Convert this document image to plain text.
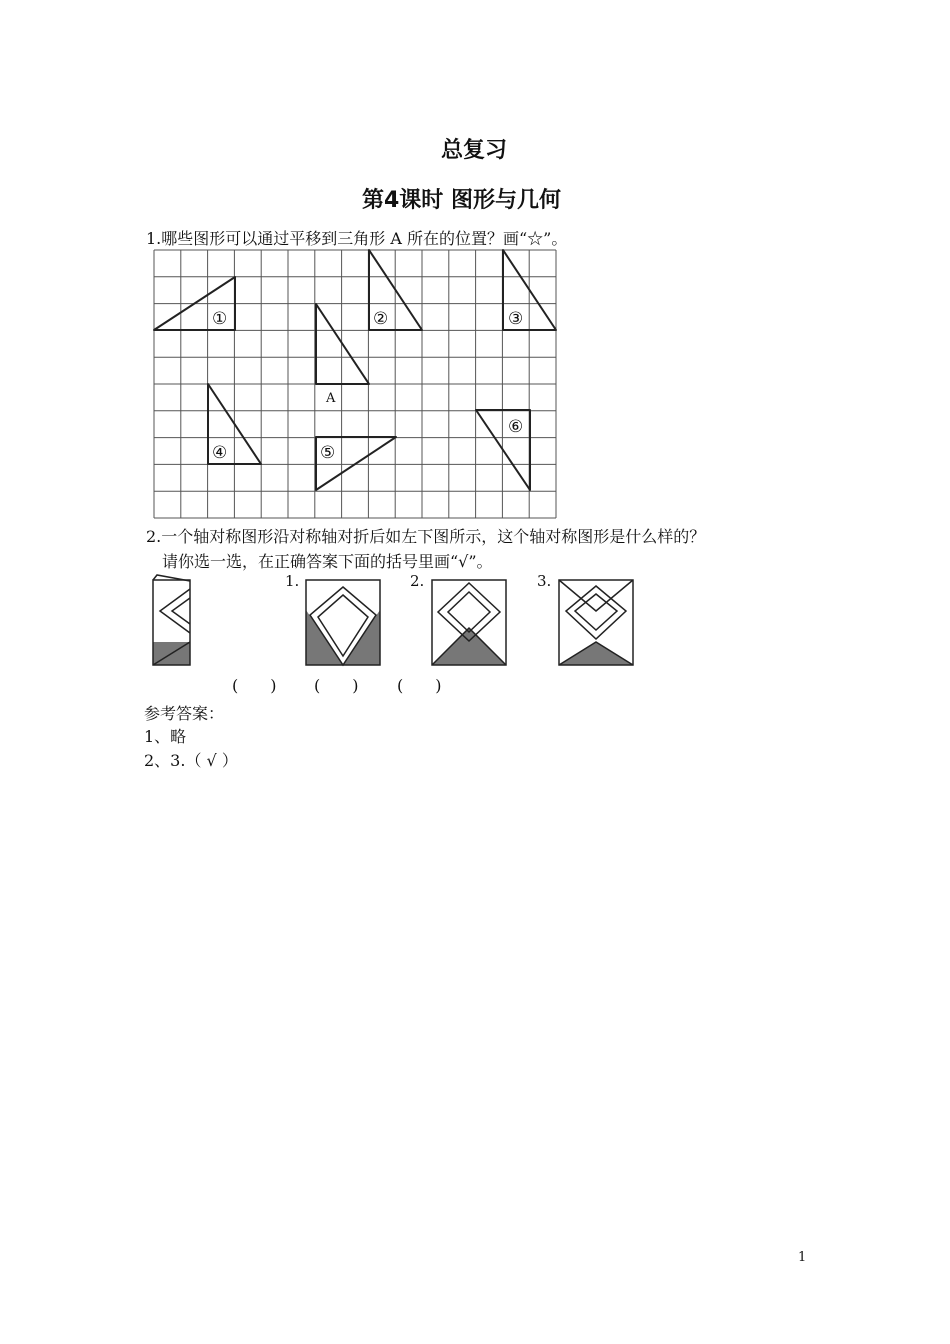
总复习
第4课时 图形与几何
1.哪些图形可以通过平移到三角形 A 所在的位置？画“☆”。
①	②	③
A
④	⑤
⑥
2.一个轴对称图形沿对称轴对折后如左下图所示，这个轴对称图形是什么样的？
请你选一选，在正确答案下面的括号里画“√”。
1.	2.	3.
(　　) (　　) (　　)
参考答案：
1、略
2、3.（ √ ）
1
